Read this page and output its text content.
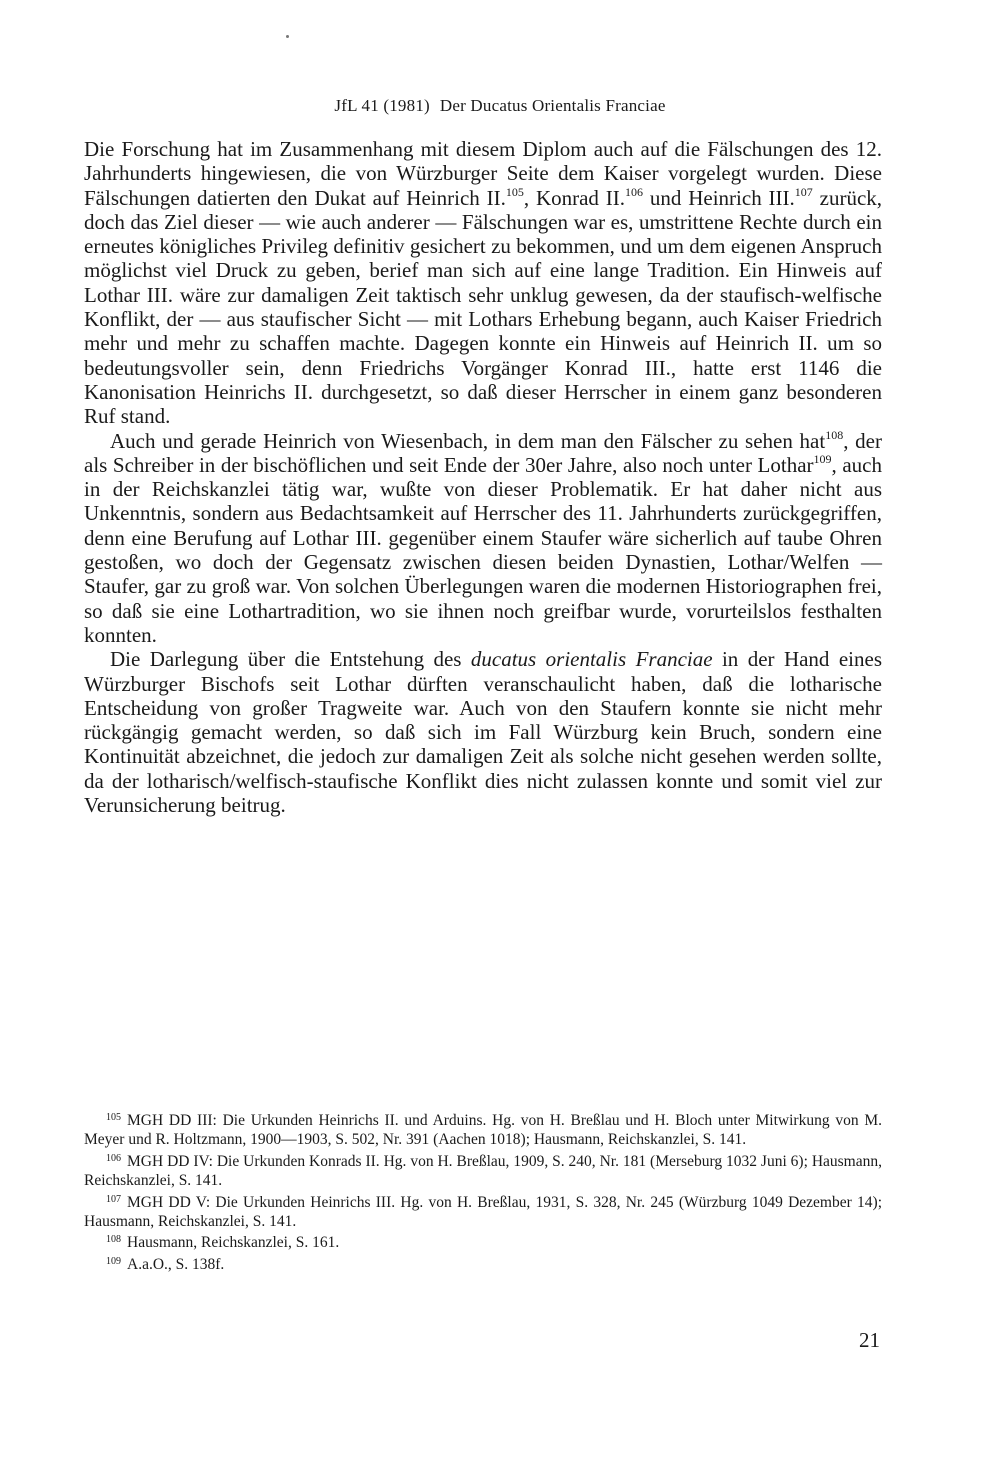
JfL 41 (1981) Der Ducatus Orientalis Franciae

Die Forschung hat im Zusammenhang mit diesem Diplom auch auf die Fälschungen des 12. Jahrhunderts hingewiesen, die von Würzburger Seite dem Kaiser vorgelegt wurden. Diese Fälschungen datierten den Dukat auf Heinrich II.$^{105}$, Konrad II.$^{106}$ und Heinrich III.$^{107}$ zurück, doch das Ziel dieser — wie auch anderer — Fälschungen war es, umstrittene Rechte durch ein erneutes königliches Privileg definitiv gesichert zu bekommen, und um dem eigenen Anspruch möglichst viel Druck zu geben, berief man sich auf eine lange Tradition. Ein Hinweis auf Lothar III. wäre zur damaligen Zeit taktisch sehr unklug gewesen, da der staufisch-welfische Konflikt, der — aus staufischer Sicht — mit Lothars Erhebung begann, auch Kaiser Friedrich mehr und mehr zu schaffen machte. Dagegen konnte ein Hinweis auf Heinrich II. um so bedeutungsvoller sein, denn Friedrichs Vorgänger Konrad III., hatte erst 1146 die Kanonisation Heinrichs II. durchgesetzt, so daß dieser Herrscher in einem ganz besonderen Ruf stand.

Auch und gerade Heinrich von Wiesenbach, in dem man den Fälscher zu sehen hat$^{108}$, der als Schreiber in der bischöflichen und seit Ende der 30er Jahre, also noch unter Lothar$^{109}$, auch in der Reichskanzlei tätig war, wußte von dieser Problematik. Er hat daher nicht aus Unkenntnis, sondern aus Bedachtsamkeit auf Herrscher des 11. Jahrhunderts zurückgegriffen, denn eine Berufung auf Lothar III. gegenüber einem Staufer wäre sicherlich auf taube Ohren gestoßen, wo doch der Gegensatz zwischen diesen beiden Dynastien, Lothar/Welfen — Staufer, gar zu groß war. Von solchen Überlegungen waren die modernen Historiographen frei, so daß sie eine Lothartradition, wo sie ihnen noch greifbar wurde, vorurteilslos festhalten konnten.

Die Darlegung über die Entstehung des ducatus orientalis Franciae in der Hand eines Würzburger Bischofs seit Lothar dürften veranschaulicht haben, daß die lotharische Entscheidung von großer Tragweite war. Auch von den Staufern konnte sie nicht mehr rückgängig gemacht werden, so daß sich im Fall Würzburg kein Bruch, sondern eine Kontinuität abzeichnet, die jedoch zur damaligen Zeit als solche nicht gesehen werden sollte, da der lotharisch/welfisch-staufische Konflikt dies nicht zulassen konnte und somit viel zur Verunsicherung beitrug.

$^{105}$ MGH DD III: Die Urkunden Heinrichs II. und Arduins. Hg. von H. Breßlau und H. Bloch unter Mitwirkung von M. Meyer und R. Holtzmann, 1900—1903, S. 502, Nr. 391 (Aachen 1018); Hausmann, Reichskanzlei, S. 141.

$^{106}$ MGH DD IV: Die Urkunden Konrads II. Hg. von H. Breßlau, 1909, S. 240, Nr. 181 (Merseburg 1032 Juni 6); Hausmann, Reichskanzlei, S. 141.

$^{107}$ MGH DD V: Die Urkunden Heinrichs III. Hg. von H. Breßlau, 1931, S. 328, Nr. 245 (Würzburg 1049 Dezember 14); Hausmann, Reichskanzlei, S. 141.

$^{108}$ Hausmann, Reichskanzlei, S. 161.

$^{109}$ A.a.O., S. 138f.

21
